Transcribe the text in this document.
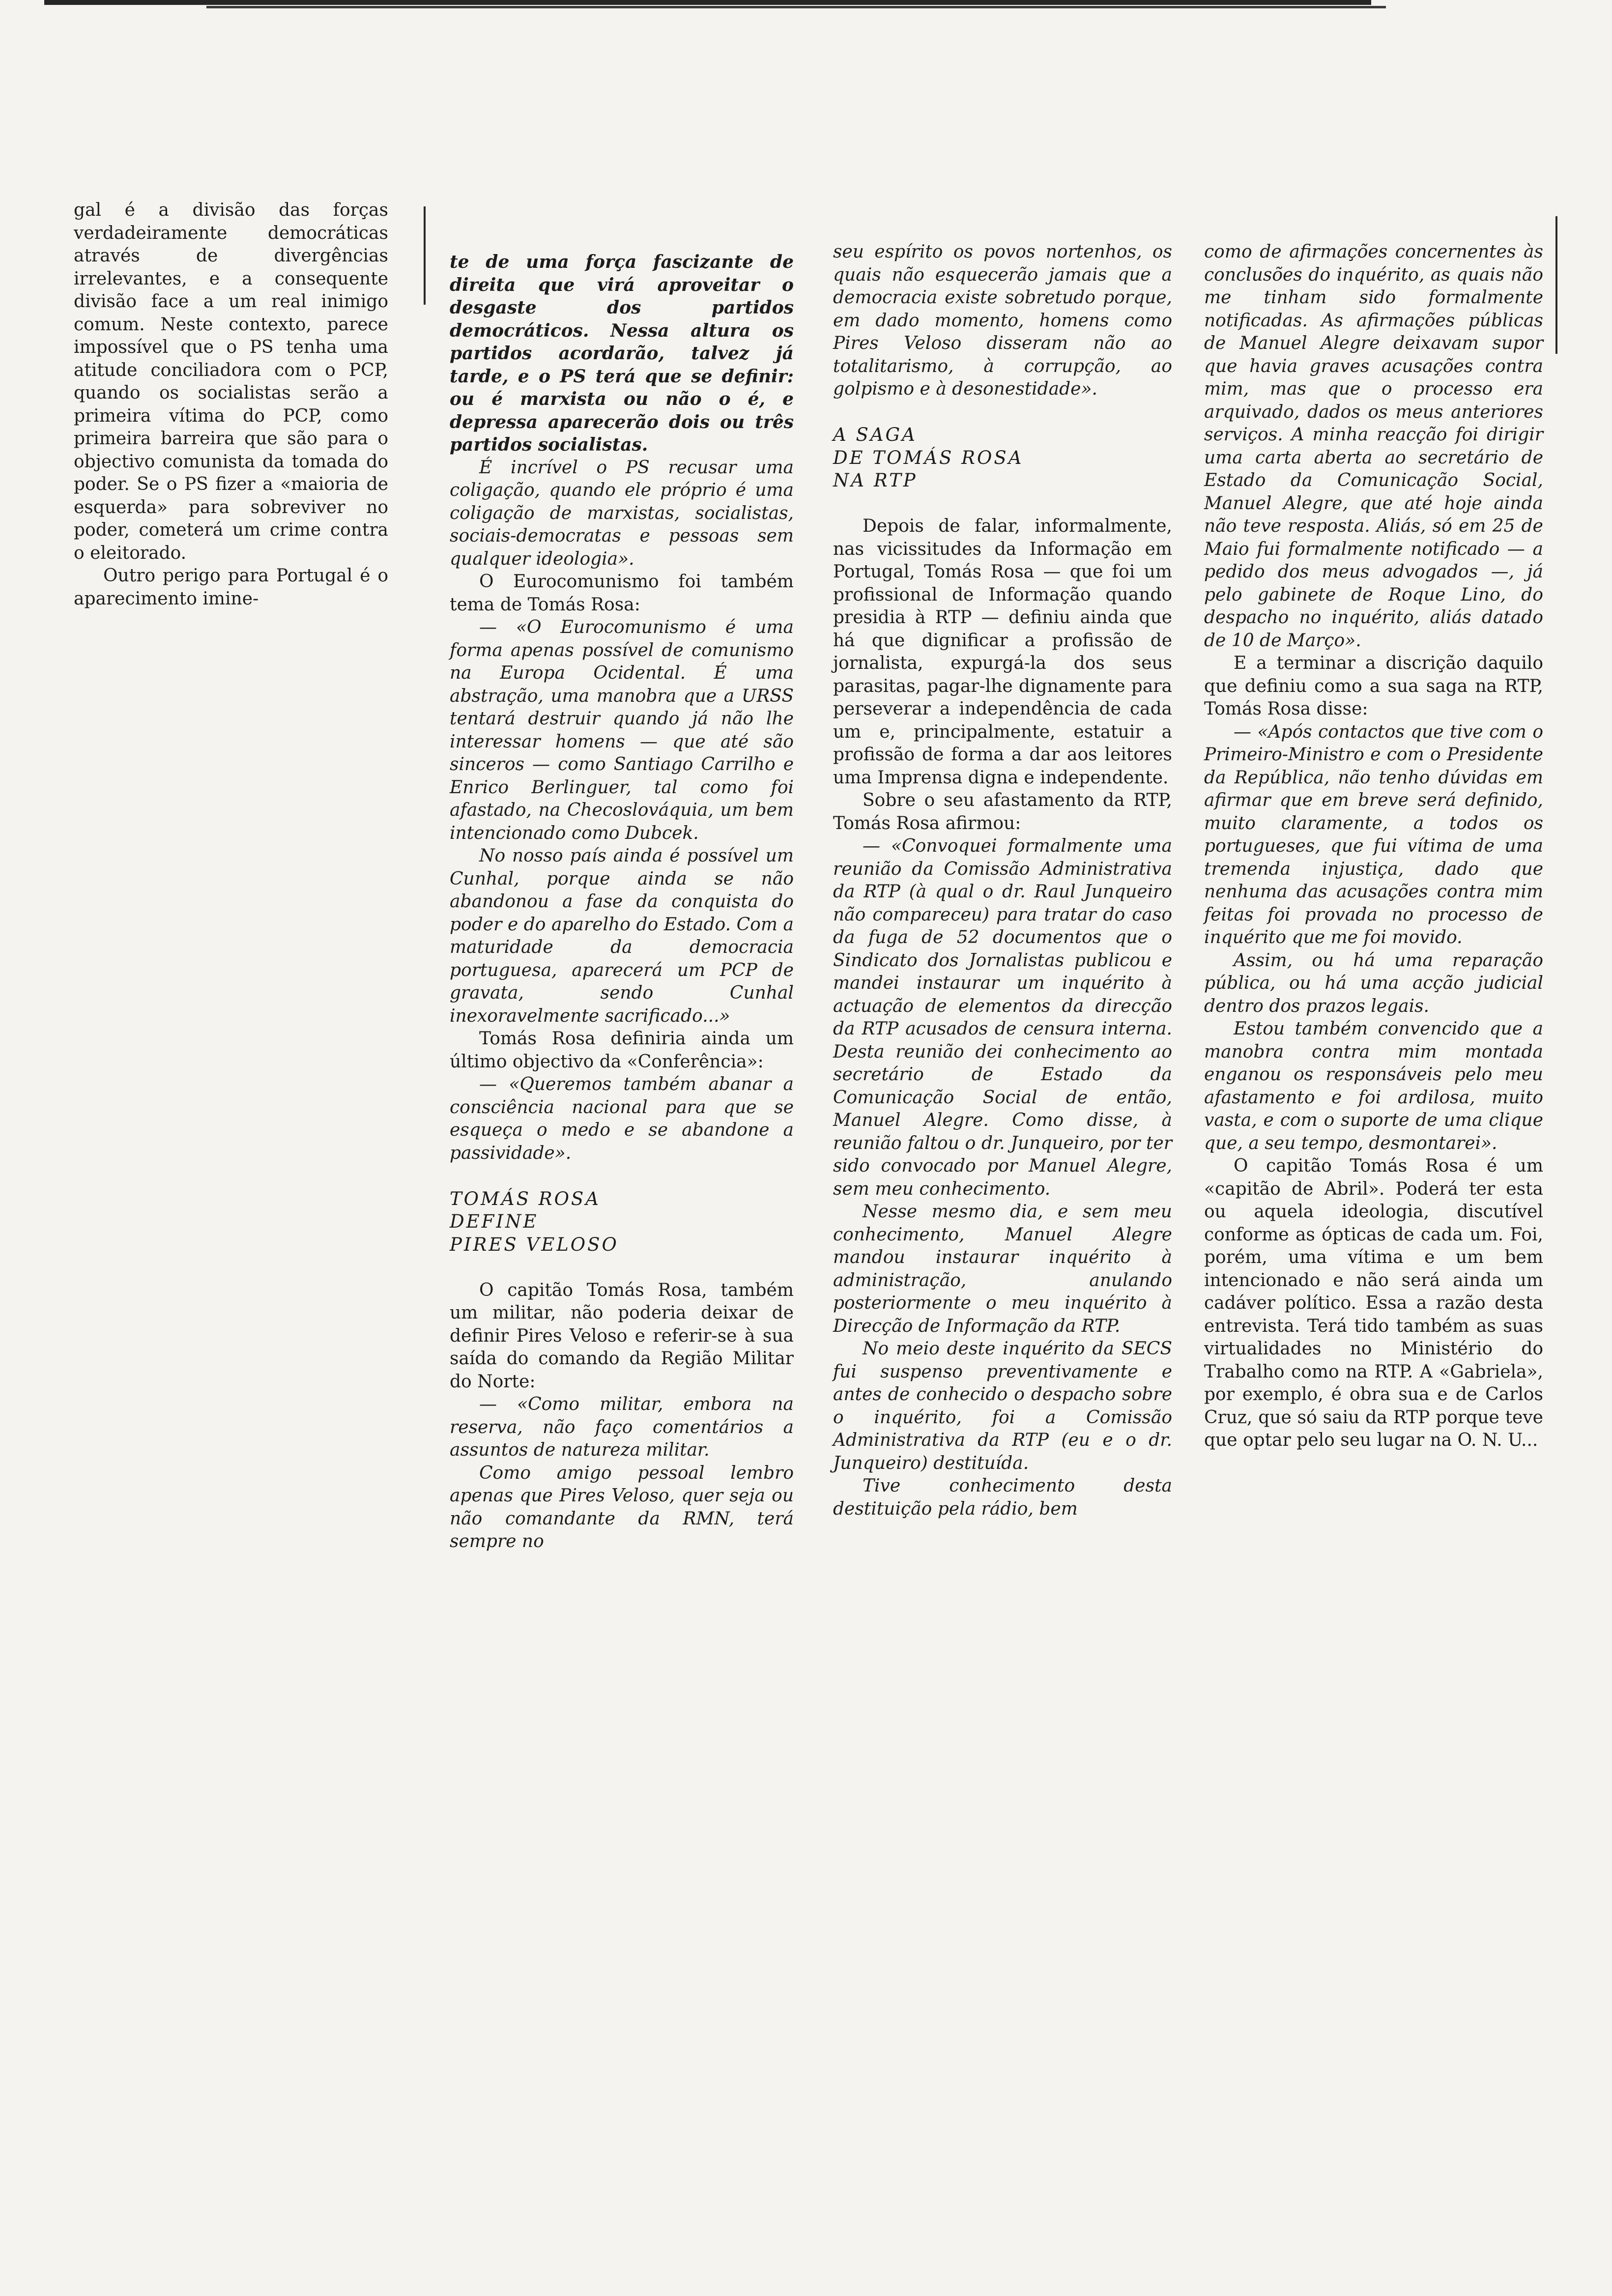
gal é a divisão das forças verdadeiramente democráticas através de divergências irrelevantes, e a consequente divisão face a um real inimigo comum. Neste contexto, parece impossível que o PS tenha uma atitude conciliadora com o PCP, quando os socialistas serão a primeira vítima do PCP, como primeira barreira que são para o objectivo comunista da tomada do poder. Se o PS fizer a «maioria de esquerda» para sobreviver no poder, cometerá um crime contra o eleitorado.

Outro perigo para Portugal é o aparecimento imine-

te de uma força fascizante de direita que virá aproveitar o desgaste dos partidos democráticos. Nessa altura os partidos acordarão, talvez já tarde, e o PS terá que se definir: ou é marxista ou não o é, e depressa aparecerão dois ou três partidos socialistas.

É incrível o PS recusar uma coligação, quando ele próprio é uma coligação de marxistas, socialistas, sociais-democratas e pessoas sem qualquer ideologia».

O Eurocomunismo foi também tema de Tomás Rosa:

— «O Eurocomunismo é uma forma apenas possível de comunismo na Europa Ocidental. É uma abstração, uma manobra que a URSS tentará destruir quando já não lhe interessar homens — que até são sinceros — como Santiago Carrilho e Enrico Berlinguer, tal como foi afastado, na Checoslováquia, um bem intencionado como Dubcek.

No nosso país ainda é possível um Cunhal, porque ainda se não abandonou a fase da conquista do poder e do aparelho do Estado. Com a maturidade da democracia portuguesa, aparecerá um PCP de gravata, sendo Cunhal inexoravelmente sacrificado...»

Tomás Rosa definiria ainda um último objectivo da «Conferência»:

— «Queremos também abanar a consciência nacional para que se esqueça o medo e se abandone a passividade».

TOMÁS ROSA
DEFINE
PIRES VELOSO

O capitão Tomás Rosa, também um militar, não poderia deixar de definir Pires Veloso e referir-se à sua saída do comando da Região Militar do Norte:

— «Como militar, embora na reserva, não faço comentários a assuntos de natureza militar.

Como amigo pessoal lembro apenas que Pires Veloso, quer seja ou não comandante da RMN, terá sempre no

seu espírito os povos nortenhos, os quais não esquecerão jamais que a democracia existe sobretudo porque, em dado momento, homens como Pires Veloso disseram não ao totalitarismo, à corrupção, ao golpismo e à desonestidade».

A SAGA
DE TOMÁS ROSA
NA RTP

Depois de falar, informalmente, nas vicissitudes da Informação em Portugal, Tomás Rosa — que foi um profissional de Informação quando presidia à RTP — definiu ainda que há que dignificar a profissão de jornalista, expurgá-la dos seus parasitas, pagar-lhe dignamente para perseverar a independência de cada um e, principalmente, estatuir a profissão de forma a dar aos leitores uma Imprensa digna e independente.

Sobre o seu afastamento da RTP, Tomás Rosa afirmou:

— «Convoquei formalmente uma reunião da Comissão Administrativa da RTP (à qual o dr. Raul Junqueiro não compareceu) para tratar do caso da fuga de 52 documentos que o Sindicato dos Jornalistas publicou e mandei instaurar um inquérito à actuação de elementos da direcção da RTP acusados de censura interna. Desta reunião dei conhecimento ao secretário de Estado da Comunicação Social de então, Manuel Alegre. Como disse, à reunião faltou o dr. Junqueiro, por ter sido convocado por Manuel Alegre, sem meu conhecimento.

Nesse mesmo dia, e sem meu conhecimento, Manuel Alegre mandou instaurar inquérito à administração, anulando posteriormente o meu inquérito à Direcção de Informação da RTP.

No meio deste inquérito da SECS fui suspenso preventivamente e antes de conhecido o despacho sobre o inquérito, foi a Comissão Administrativa da RTP (eu e o dr. Junqueiro) destituída.

Tive conhecimento desta destituição pela rádio, bem

como de afirmações concernentes às conclusões do inquérito, as quais não me tinham sido formalmente notificadas. As afirmações públicas de Manuel Alegre deixavam supor que havia graves acusações contra mim, mas que o processo era arquivado, dados os meus anteriores serviços. A minha reacção foi dirigir uma carta aberta ao secretário de Estado da Comunicação Social, Manuel Alegre, que até hoje ainda não teve resposta. Aliás, só em 25 de Maio fui formalmente notificado — a pedido dos meus advogados —, já pelo gabinete de Roque Lino, do despacho no inquérito, aliás datado de 10 de Março».

E a terminar a discrição daquilo que definiu como a sua saga na RTP, Tomás Rosa disse:

— «Após contactos que tive com o Primeiro-Ministro e com o Presidente da República, não tenho dúvidas em afirmar que em breve será definido, muito claramente, a todos os portugueses, que fui vítima de uma tremenda injustiça, dado que nenhuma das acusações contra mim feitas foi provada no processo de inquérito que me foi movido.

Assim, ou há uma reparação pública, ou há uma acção judicial dentro dos prazos legais.

Estou também convencido que a manobra contra mim montada enganou os responsáveis pelo meu afastamento e foi ardilosa, muito vasta, e com o suporte de uma clique que, a seu tempo, desmontarei».

O capitão Tomás Rosa é um «capitão de Abril». Poderá ter esta ou aquela ideologia, discutível conforme as ópticas de cada um. Foi, porém, uma vítima e um bem intencionado e não será ainda um cadáver político. Essa a razão desta entrevista. Terá tido também as suas virtualidades no Ministério do Trabalho como na RTP. A «Gabriela», por exemplo, é obra sua e de Carlos Cruz, que só saiu da RTP porque teve que optar pelo seu lugar na O. N. U...
